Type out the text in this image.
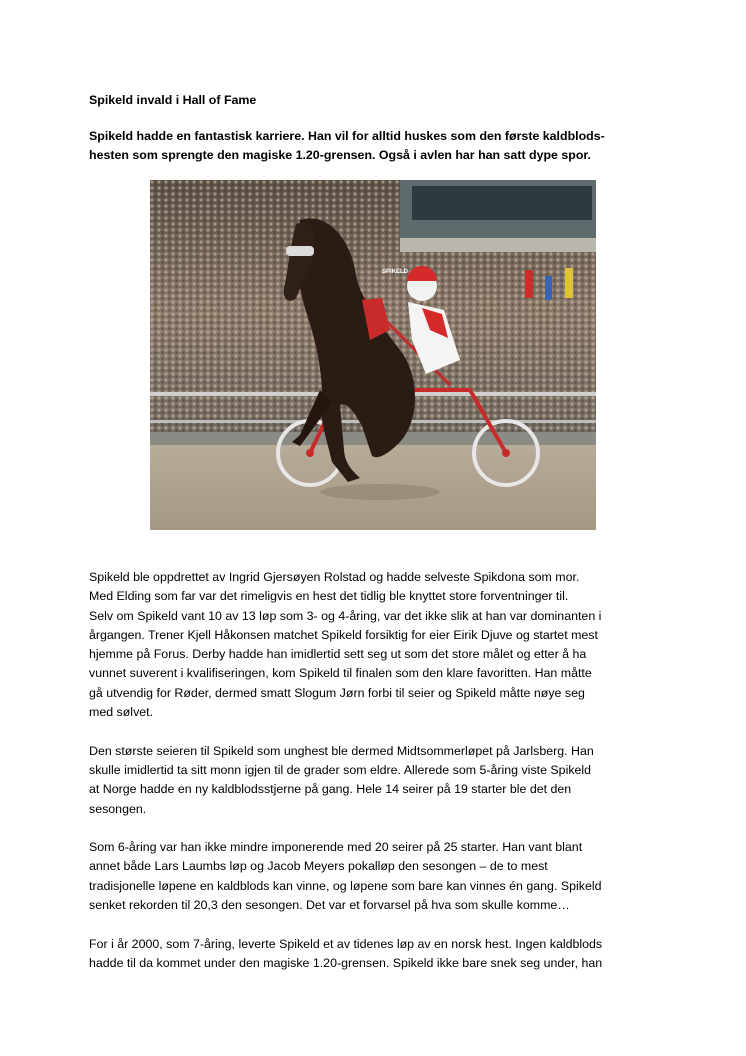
Spikeld invald i Hall of Fame
Spikeld hadde en fantastisk karriere. Han vil for alltid huskes som den første kaldblods-
hesten som sprengte den magiske 1.20-grensen. Også i avlen har han satt dype spor.
SPIKELD
Spikeld ble oppdrettet av Ingrid Gjersøyen Rolstad og hadde selveste Spikdona som mor.
Med Elding som far var det rimeligvis en hest det tidlig ble knyttet store forventninger til.
Selv om Spikeld vant 10 av 13 løp som 3- og 4-åring, var det ikke slik at han var dominanten i
årgangen. Trener Kjell Håkonsen matchet Spikeld forsiktig for eier Eirik Djuve og startet mest
hjemme på Forus. Derby hadde han imidlertid sett seg ut som det store målet og etter å ha
vunnet suverent i kvalifiseringen, kom Spikeld til finalen som den klare favoritten. Han måtte
gå utvendig for Røder, dermed smatt Slogum Jørn forbi til seier og Spikeld måtte nøye seg
med sølvet.
Den største seieren til Spikeld som unghest ble dermed Midtsommerløpet på Jarlsberg. Han
skulle imidlertid ta sitt monn igjen til de grader som eldre. Allerede som 5-åring viste Spikeld
at Norge hadde en ny kaldblodsstjerne på gang. Hele 14 seirer på 19 starter ble det den
sesongen.
Som 6-åring var han ikke mindre imponerende med 20 seirer på 25 starter. Han vant blant
annet både Lars Laumbs løp og Jacob Meyers pokalløp den sesongen – de to mest
tradisjonelle løpene en kaldblods kan vinne, og løpene som bare kan vinnes én gang. Spikeld
senket rekorden til 20,3 den sesongen. Det var et forvarsel på hva som skulle komme…
For i år 2000, som 7-åring, leverte Spikeld et av tidenes løp av en norsk hest. Ingen kaldblods
hadde til da kommet under den magiske 1.20-grensen. Spikeld ikke bare snek seg under, han
